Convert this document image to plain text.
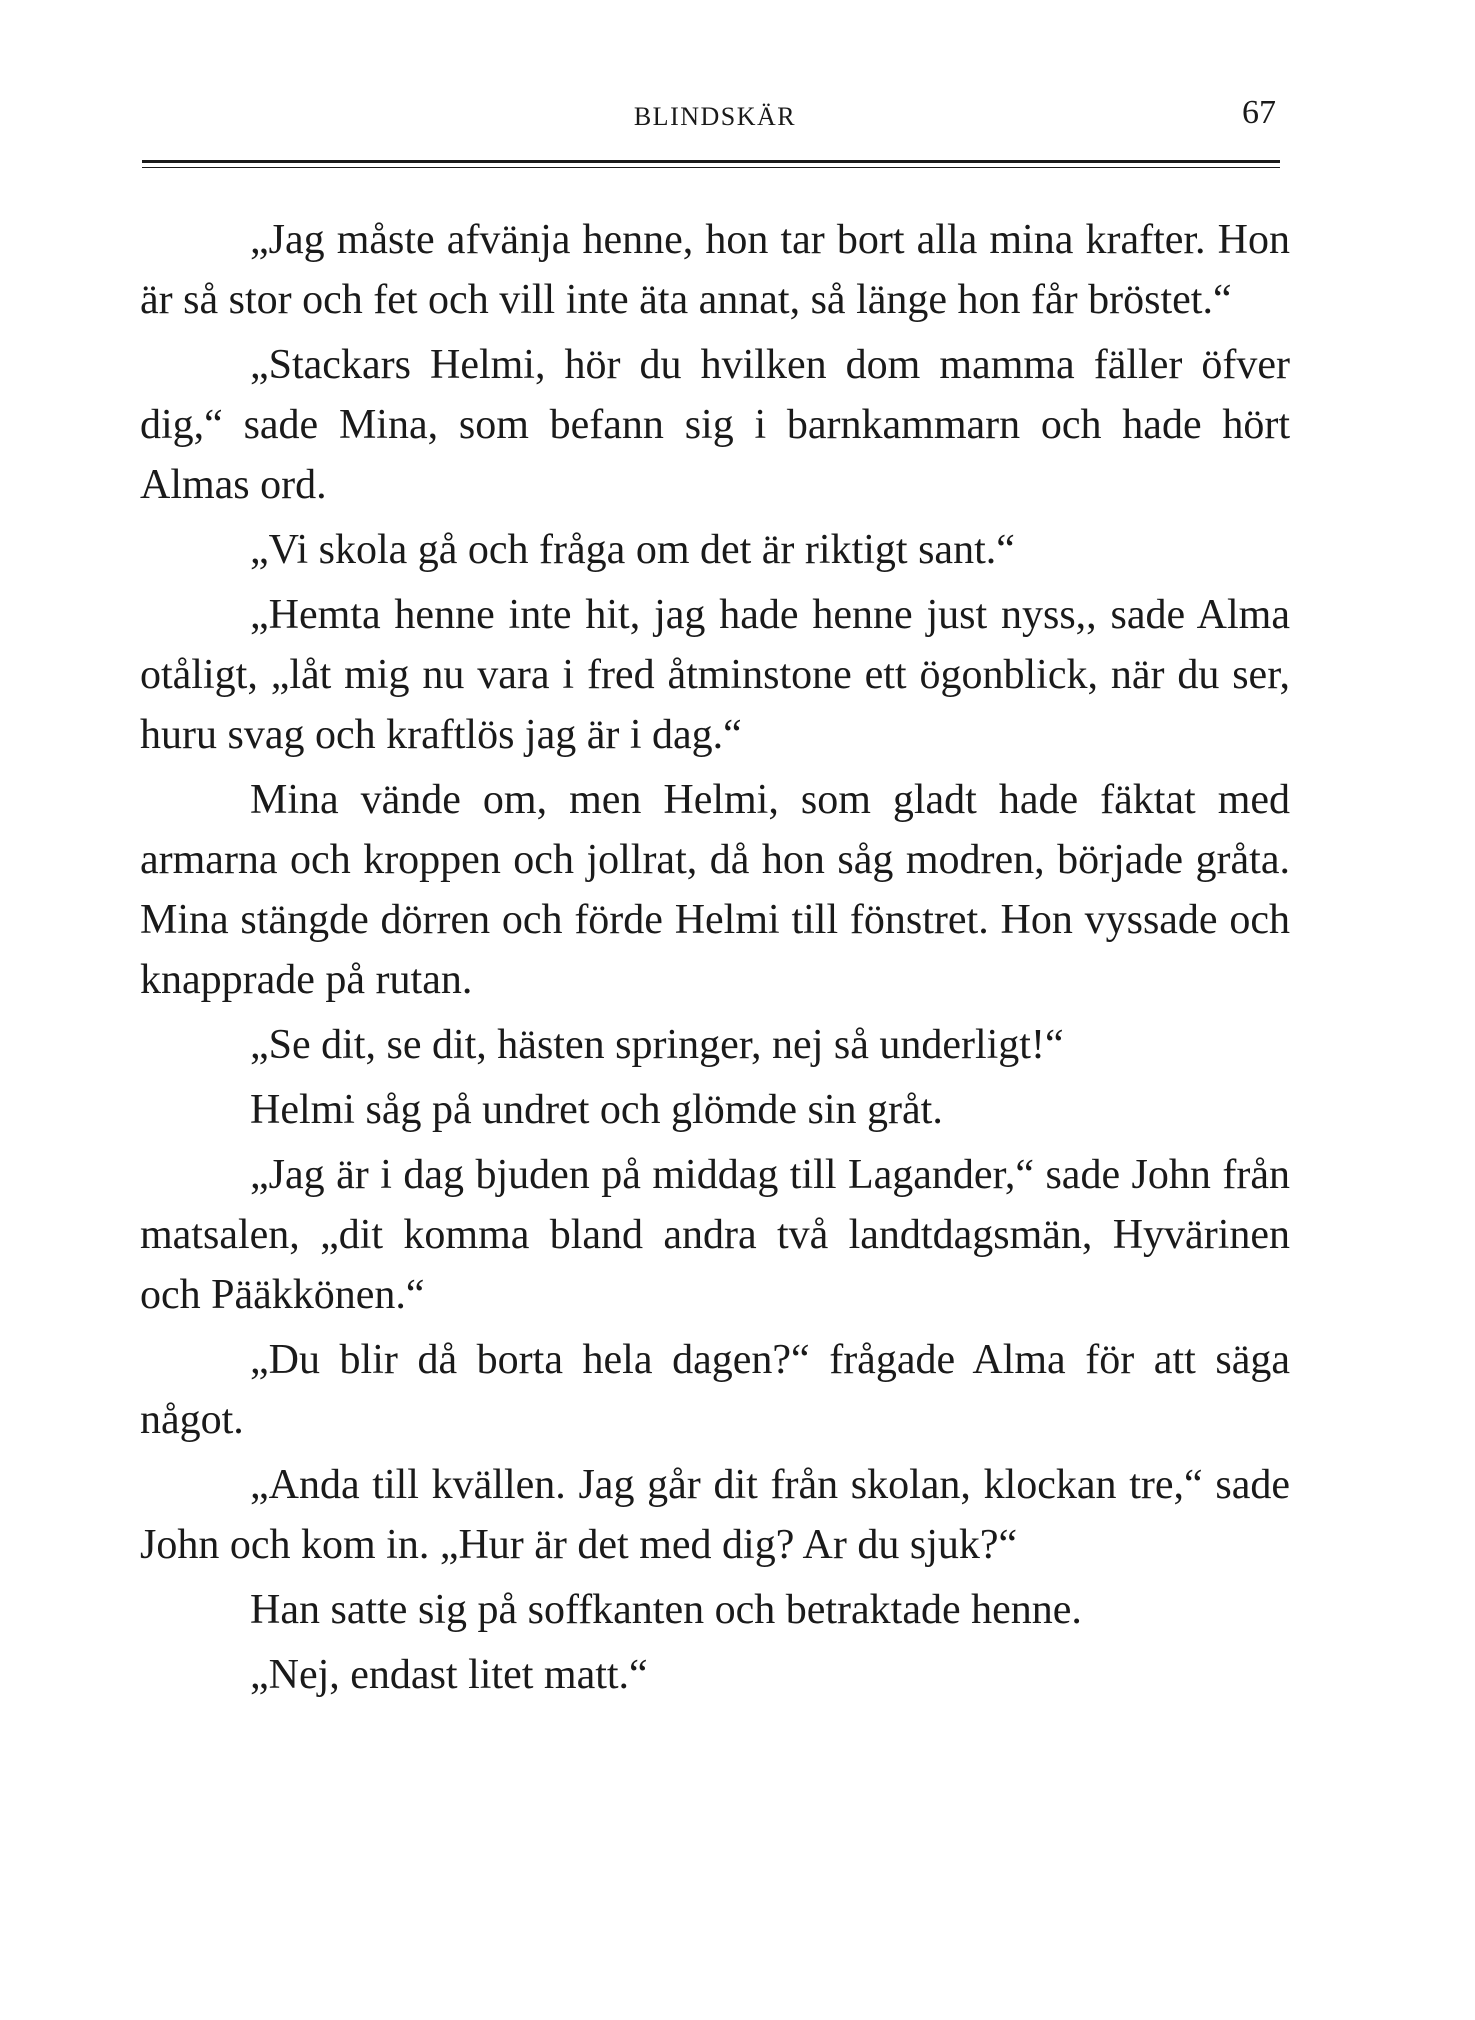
BLINDSKÄR	67

„Jag måste afvänja henne, hon tar bort alla mina krafter. Hon är så stor och fet och vill inte äta annat, så länge hon får bröstet.“

„Stackars Helmi, hör du hvilken dom mamma fäller öfver dig,“ sade Mina, som befann sig i barnkammarn och hade hört Almas ord.

„Vi skola gå och fråga om det är riktigt sant.“

„Hemta henne inte hit, jag hade henne just nyss,, sade Alma otåligt, „låt mig nu vara i fred åtminstone ett ögonblick, när du ser, huru svag och kraftlös jag är i dag.“

Mina vände om, men Helmi, som gladt hade fäktat med armarna och kroppen och jollrat, då hon såg modren, började gråta. Mina stängde dörren och förde Helmi till fönstret. Hon vyssade och knapprade på rutan.

„Se dit, se dit, hästen springer, nej så underligt!“

Helmi såg på undret och glömde sin gråt.

„Jag är i dag bjuden på middag till Lagander,“ sade John från matsalen, „dit komma bland andra två landtdagsmän, Hyvärinen och Pääkkönen.“

„Du blir då borta hela dagen?“ frågade Alma för att säga något.

„Anda till kvällen. Jag går dit från skolan, klockan tre,“ sade John och kom in. „Hur är det med dig? Ar du sjuk?“

Han satte sig på soffkanten och betraktade henne.

„Nej, endast litet matt.“
